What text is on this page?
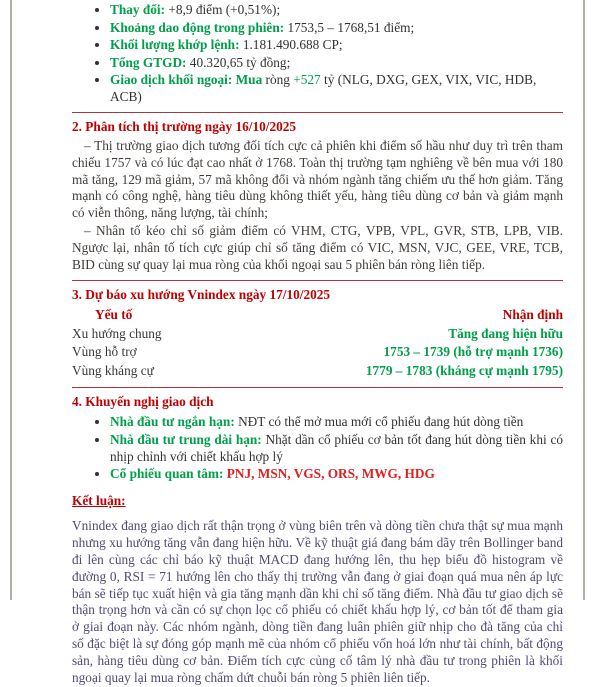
• Thay đổi: +8,9 điểm (+0,51%);
• Khoảng dao động trong phiên: 1753,5 – 1768,51 điểm;
• Khối lượng khớp lệnh: 1.181.490.688 CP;
• Tổng GTGD: 40.320,65 tỷ đồng;
• Giao dịch khối ngoại: Mua ròng +527 tỷ (NLG, DXG, GEX, VIX, VIC, HDB, ACB)
2. Phân tích thị trường ngày 16/10/2025

– Thị trường giao dịch tương đối tích cực cả phiên khi điểm số hầu như duy trì trên tham chiếu 1757 và có lúc đạt cao nhất ở 1768. Toàn thị trường tạm nghiêng về bên mua với 180 mã tăng, 129 mã giảm, 57 mã không đổi và nhóm ngành tăng chiếm ưu thế hơn giảm. Tăng mạnh có công nghệ, hàng tiêu dùng không thiết yếu, hàng tiêu dùng cơ bản và giảm mạnh có viễn thông, năng lượng, tài chính;

– Nhân tố kéo chỉ số giảm điểm có VHM, CTG, VPB, VPL, GVR, STB, LPB, VIB. Ngược lại, nhân tố tích cực giúp chỉ số tăng điểm có VIC, MSN, VJC, GEE, VRE, TCB, BID cùng sự quay lại mua ròng của khối ngoại sau 5 phiên bán ròng liên tiếp.

3. Dự báo xu hướng Vnindex ngày 17/10/2025
Yếu tố	Nhận định
Xu hướng chung	Tăng đang hiện hữu
Vùng hỗ trợ	1753 – 1739 (hỗ trợ mạnh 1736)
Vùng kháng cự	1779 – 1783 (kháng cự mạnh 1795)
4. Khuyến nghị giao dịch
• Nhà đầu tư ngắn hạn: NĐT có thể mở mua mới cổ phiếu đang hút dòng tiền
• Nhà đầu tư trung dài hạn: Nhặt dần cổ phiếu cơ bản tốt đang hút dòng tiền khi có nhịp chỉnh với chiết khấu hợp lý
• Cổ phiếu quan tâm: PNJ, MSN, VGS, ORS, MWG, HDG
Kết luận:

Vnindex đang giao dịch rất thận trọng ở vùng biên trên và dòng tiền chưa thật sự mua mạnh nhưng xu hướng tăng vẫn đang hiện hữu. Về kỹ thuật giá đang bám dãy trên Bollinger band đi lên cùng các chỉ báo kỹ thuật MACD đang hướng lên, thu hẹp biểu đồ histogram về đường 0, RSI = 71 hướng lên cho thấy thị trường vẫn đang ở giai đoạn quá mua nên áp lực bán sẽ tiếp tục xuất hiện và gia tăng mạnh dần khi chỉ số tăng điểm. Nhà đầu tư giao dịch sẽ thận trọng hơn và cần có sự chọn lọc cổ phiếu có chiết khấu hợp lý, cơ bản tốt để tham gia ở giai đoạn này. Các nhóm ngành, dòng tiền đang luân phiên giữ nhịp cho đà tăng của chỉ số đặc biệt là sự đóng góp mạnh mẽ của nhóm cổ phiếu vốn hoá lớn như tài chính, bất động sản, hàng tiêu dùng cơ bản. Điểm tích cực củng cố tâm lý nhà đầu tư trong phiên là khối ngoại quay lại mua ròng chấm dứt chuỗi bán ròng 5 phiên liên tiếp.
